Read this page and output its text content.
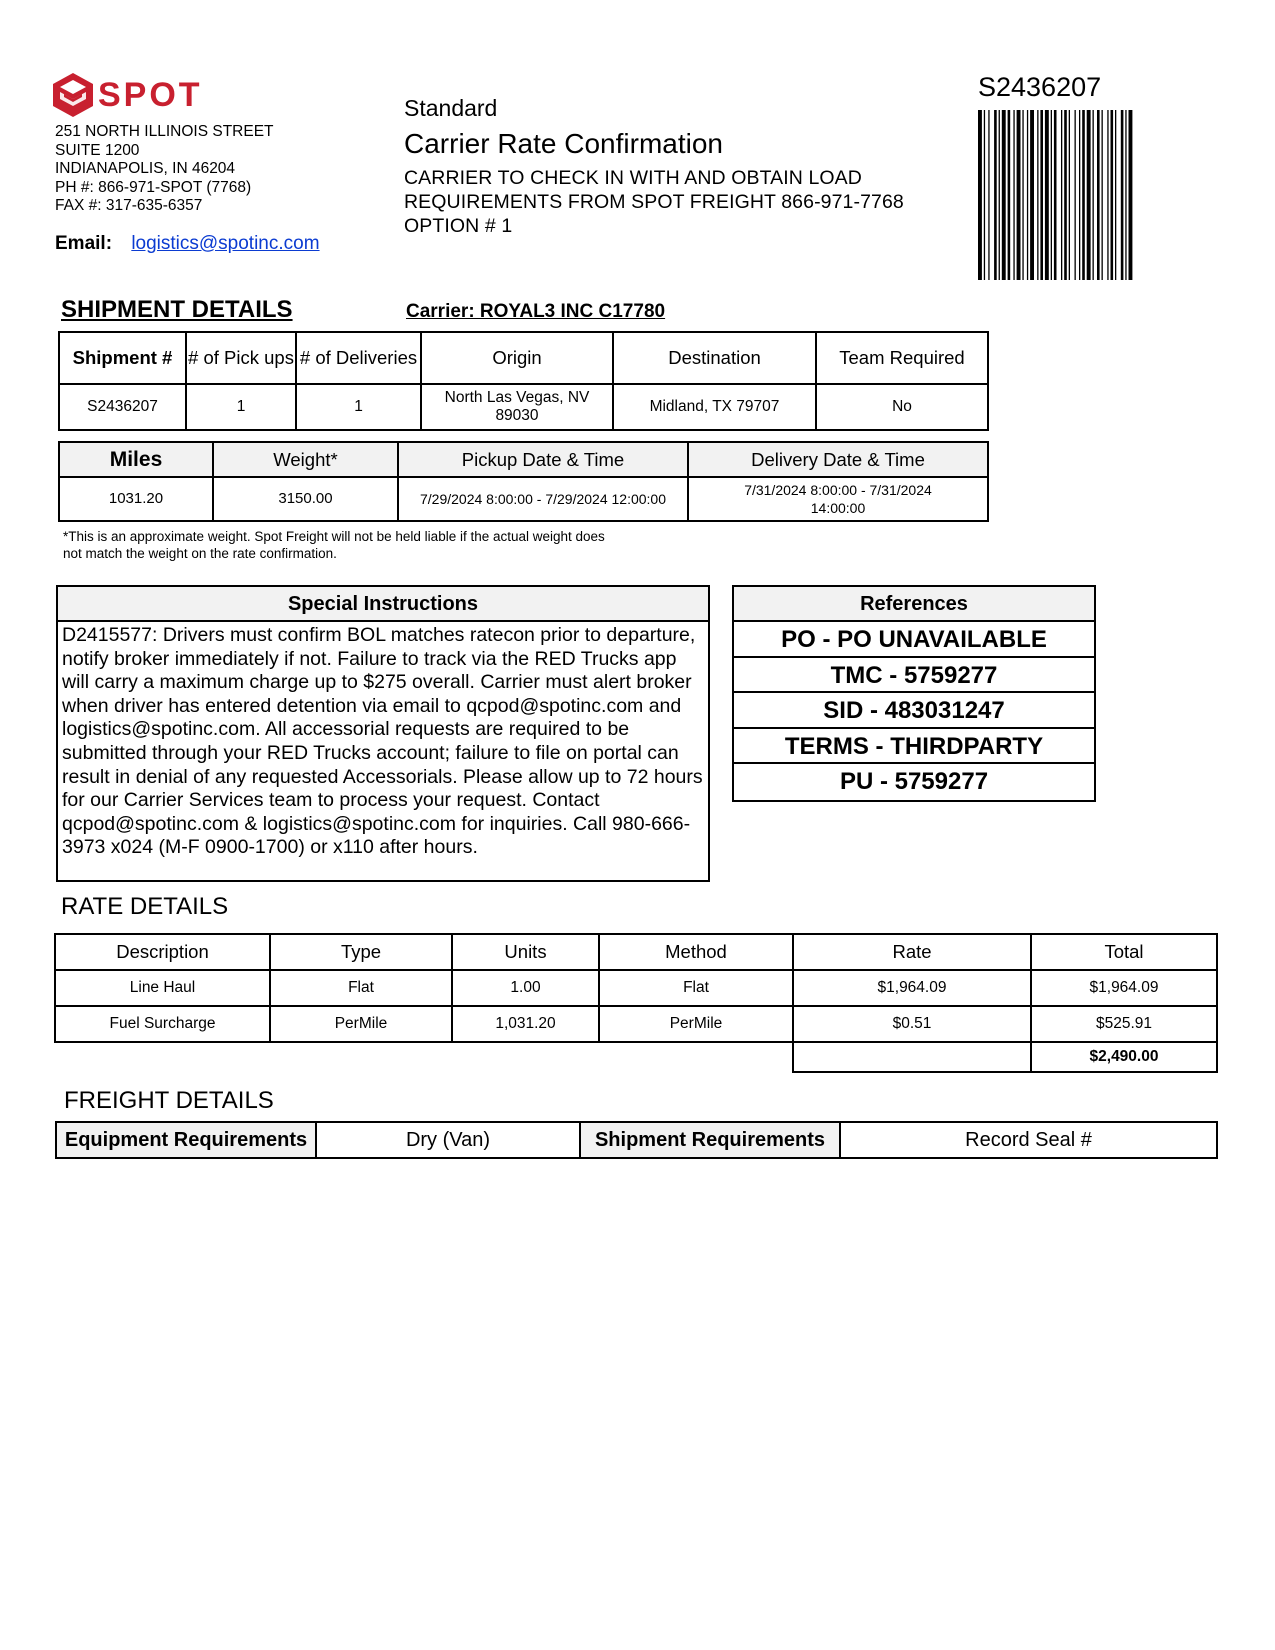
SPOT
251 NORTH ILLINOIS STREET
SUITE 1200
INDIANAPOLIS, IN 46204
PH #: 866-971-SPOT (7768)
FAX #: 317-635-6357
Email: logistics@spotinc.com
Standard
Carrier Rate Confirmation
CARRIER TO CHECK IN WITH AND OBTAIN LOAD
REQUIREMENTS FROM SPOT FREIGHT 866-971-7768
OPTION # 1
S2436207
SHIPMENT DETAILS	Carrier: ROYAL3 INC C17780
Shipment #	# of Pick ups	# of Deliveries	Origin	Destination	Team Required
S2436207	1	1	North Las Vegas, NV 89030	Midland, TX 79707	No
Miles	Weight*	Pickup Date & Time	Delivery Date & Time
1031.20	3150.00	7/29/2024 8:00:00 - 7/29/2024 12:00:00	7/31/2024 8:00:00 - 7/31/2024 14:00:00
*This is an approximate weight. Spot Freight will not be held liable if the actual weight does
not match the weight on the rate confirmation.
Special Instructions
D2415577: Drivers must confirm BOL matches ratecon prior to departure, notify broker immediately if not. Failure to track via the RED Trucks app will carry a maximum charge up to $275 overall. Carrier must alert broker when driver has entered detention via email to qcpod@spotinc.com and logistics@spotinc.com. All accessorial requests are required to be submitted through your RED Trucks account; failure to file on portal can result in denial of any requested Accessorials. Please allow up to 72 hours for our Carrier Services team to process your request. Contact qcpod@spotinc.com & logistics@spotinc.com for inquiries. Call 980-666-3973 x024 (M-F 0900-1700) or x110 after hours.
References
PO - PO UNAVAILABLE
TMC - 5759277
SID - 483031247
TERMS - THIRDPARTY
PU - 5759277
RATE DETAILS
Description	Type	Units	Method	Rate	Total
Line Haul	Flat	1.00	Flat	$1,964.09	$1,964.09
Fuel Surcharge	PerMile	1,031.20	PerMile	$0.51	$525.91
					$2,490.00
FREIGHT DETAILS
Equipment Requirements	Dry (Van)	Shipment Requirements	Record Seal #
